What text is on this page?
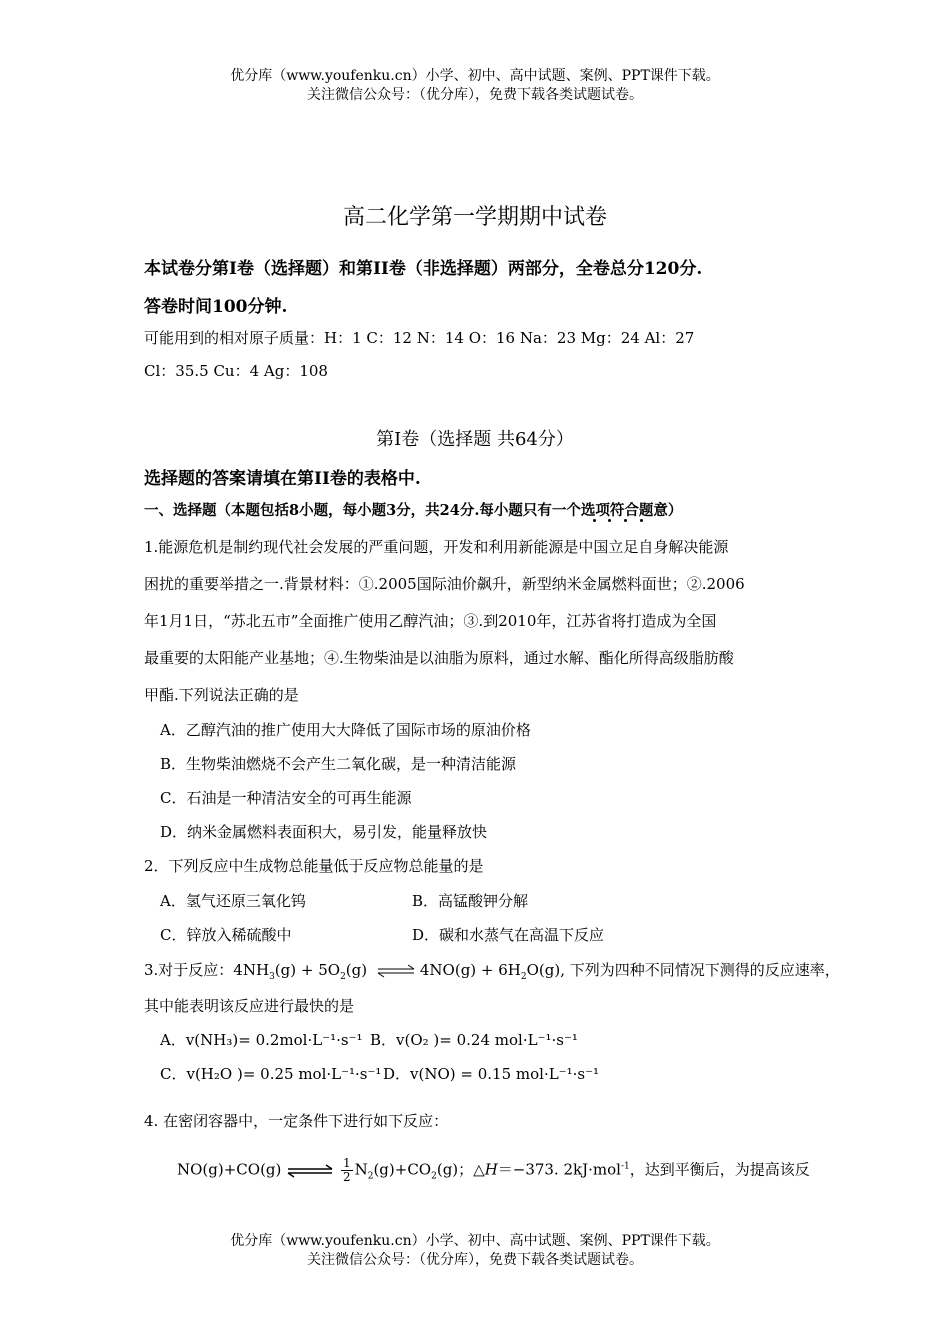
优分库（www.youfenku.cn）小学、初中、高中试题、案例、PPT课件下载。
关注微信公众号：（优分库），免费下载各类试题试卷。
高二化学第一学期期中试卷
本试卷分第Ⅰ卷（选择题）和第II卷（非选择题）两部分，全卷总分120分.
答卷时间100分钟.
可能用到的相对原子质量：H：1 C：12 N：14 O：16 Na：23 Mg：24 Al：27
Cl：35.5 Cu：4 Ag：108
第Ⅰ卷（选择题 共64分）
选择题的答案请填在第II卷的表格中.
一、选择题（本题包括8小题，每小题3分，共24分.每小题只有一个选项符合题意）
1.能源危机是制约现代社会发展的严重问题，开发和利用新能源是中国立足自身解决能源
困扰的重要举措之一.背景材料：①.2005国际油价飙升，新型纳米金属燃料面世；②.2006
年1月1日，“苏北五市”全面推广使用乙醇汽油；③.到2010年，江苏省将打造成为全国
最重要的太阳能产业基地；④.生物柴油是以油脂为原料，通过水解、酯化所得高级脂肪酸
甲酯.下列说法正确的是
A．乙醇汽油的推广使用大大降低了国际市场的原油价格
B．生物柴油燃烧不会产生二氧化碳，是一种清洁能源
C．石油是一种清洁安全的可再生能源
D．纳米金属燃料表面积大，易引发，能量释放快
2．下列反应中生成物总能量低于反应物总能量的是
A．氢气还原三氧化钨	B．高锰酸钾分解
C．锌放入稀硫酸中	D．碳和水蒸气在高温下反应
3.对于反应：$4NH_3(g) + 5O_2(g)$ ⇌4NO(g) + $6H_2O(g)$, 下列为四种不同情况下测得的反应速率，
其中能表明该反应进行最快的是
A．v(NH₃)= 0.2mol·L⁻¹·s⁻¹ B．v(O₂ )= 0.24 mol·L⁻¹·s⁻¹
C．v(H₂O )= 0.25 mol·L⁻¹·s⁻¹ D．v(NO) = 0.15 mol·L⁻¹·s⁻¹
4. 在密闭容器中，一定条件下进行如下反应：
NO(g)+CO(g) ⇌ $\frac{1}{2} N_2(g)+CO_2(g)$；△H＝−373. 2kJ·mol$^{-1}$，达到平衡后，为提高该反
优分库（www.youfenku.cn）小学、初中、高中试题、案例、PPT课件下载。
关注微信公众号：（优分库），免费下载各类试题试卷。
